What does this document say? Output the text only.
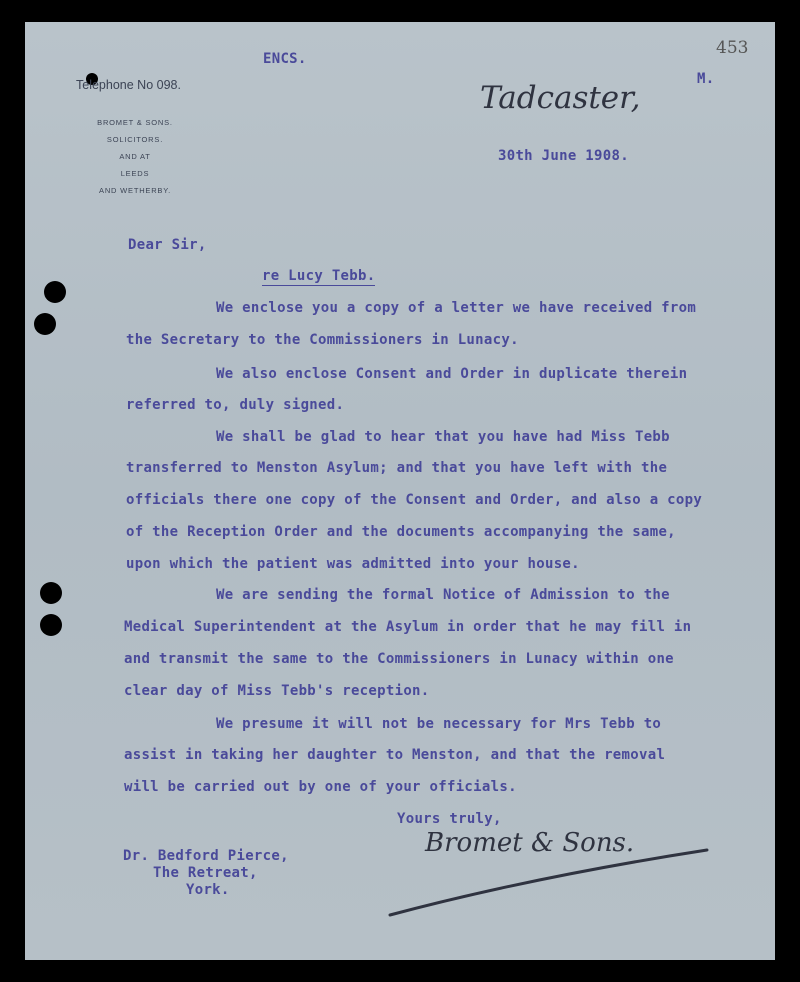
453

Telephone No 098.

BROMET & SONS.
SOLICITORS.
AND AT
LEEDS
AND WETHERBY.

Tadcaster,

ENCS.

M.

30th June 1908.

Dear Sir,

re Lucy Tebb.

We enclose you a copy of a letter we have received from

the Secretary to the Commissioners in Lunacy.

We also enclose Consent and Order in duplicate therein

referred to, duly signed.

We shall be glad to hear that you have had Miss Tebb

transferred to Menston Asylum; and that you have left with the

officials there one copy of the Consent and Order, and also a copy

of the Reception Order and the documents accompanying the same,

upon which the patient was admitted into your house.

We are sending the formal Notice of Admission to the

Medical Superintendent at the Asylum in order that he may fill in

and transmit the same to the Commissioners in Lunacy within one

clear day of Miss Tebb's reception.

We presume it will not be necessary for Mrs Tebb to

assist in taking her daughter to Menston, and that the removal

will be carried out by one of your officials.

Yours truly,

Bromet & Sons.

Dr. Bedford Pierce,

The Retreat,

York.
